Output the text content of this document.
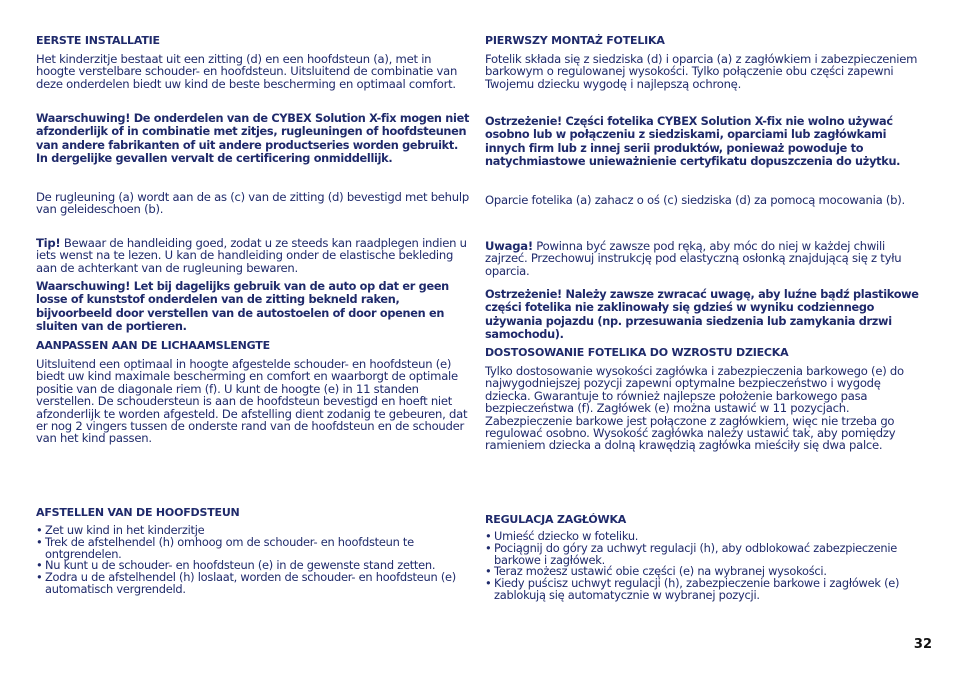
EERSTE INSTALLATIE

Het kinderzitje bestaat uit een zitting (d) en een hoofdsteun (a), met in hoogte verstelbare schouder- en hoofdsteun. Uitsluitend de combinatie van deze onderdelen biedt uw kind de beste bescherming en optimaal comfort.

Waarschuwing! De onderdelen van de CYBEX Solution X-fix mogen niet afzonderlijk of in combinatie met zitjes, rugleuningen of hoofdsteunen van andere fabrikanten of uit andere productseries worden gebruikt. In dergelijke gevallen vervalt de certificering onmiddellijk.

De rugleuning (a) wordt aan de as (c) van de zitting (d) bevestigd met behulp van geleideschoen (b).

Tip! Bewaar de handleiding goed, zodat u ze steeds kan raadplegen indien u iets wenst na te lezen. U kan de handleiding onder de elastische bekleding aan de achterkant van de rugleuning bewaren.

Waarschuwing! Let bij dagelijks gebruik van de auto op dat er geen losse of kunststof onderdelen van de zitting bekneld raken, bijvoorbeeld door verstellen van de autostoelen of door openen en sluiten van de portieren.

AANPASSEN AAN DE LICHAAMSLENGTE

Uitsluitend een optimaal in hoogte afgestelde schouder- en hoofdsteun (e) biedt uw kind maximale bescherming en comfort en waarborgt de optimale positie van de diagonale riem (f). U kunt de hoogte (e) in 11 standen verstellen. De schoudersteun is aan de hoofdsteun bevestigd en hoeft niet afzonderlijk te worden afgesteld. De afstelling dient zodanig te gebeuren, dat er nog 2 vingers tussen de onderste rand van de hoofdsteun en de schouder van het kind passen.

AFSTELLEN VAN DE HOOFDSTEUN
• Zet uw kind in het kinderzitje
• Trek de afstelhendel (h) omhoog om de schouder- en hoofdsteun te ontgrendelen.
• Nu kunt u de schouder- en hoofdsteun (e) in de gewenste stand zetten.
• Zodra u de afstelhendel (h) loslaat, worden de schouder- en hoofdsteun (e) automatisch vergrendeld.
PIERWSZY MONTAŻ FOTELIKA

Fotelik składa się z siedziska (d) i oparcia (a) z zagłówkiem i zabezpieczeniem barkowym o regulowanej wysokości. Tylko połączenie obu części zapewni Twojemu dziecku wygodę i najlepszą ochronę.

Ostrzeżenie! Części fotelika CYBEX Solution X-fix nie wolno używać osobno lub w połączeniu z siedziskami, oparciami lub zagłówkami innych firm lub z innej serii produktów, ponieważ powoduje to natychmiastowe unieważnienie certyfikatu dopuszczenia do użytku.

Oparcie fotelika (a) zahacz o oś (c) siedziska (d) za pomocą mocowania (b).

Uwaga! Powinna być zawsze pod ręką, aby móc do niej w każdej chwili zajrzeć. Przechowuj instrukcję pod elastyczną osłonką znajdującą się z tyłu oparcia.

Ostrzeżenie! Należy zawsze zwracać uwagę, aby luźne bądź plastikowe części fotelika nie zaklinowały się gdzieś w wyniku codziennego używania pojazdu (np. przesuwania siedzenia lub zamykania drzwi samochodu).

DOSTOSOWANIE FOTELIKA DO WZROSTU DZIECKA

Tylko dostosowanie wysokości zagłówka i zabezpieczenia barkowego (e) do najwygodniejszej pozycji zapewni optymalne bezpieczeństwo i wygodę dziecka. Gwarantuje to również najlepsze położenie barkowego pasa bezpieczeństwa (f). Zagłówek (e) można ustawić w 11 pozycjach. Zabezpieczenie barkowe jest połączone z zagłówkiem, więc nie trzeba go regulować osobno. Wysokość zagłówka należy ustawić tak, aby pomiędzy ramieniem dziecka a dolną krawędzią zagłówka mieściły się dwa palce.

REGULACJA ZAGŁÓWKA
• Umieść dziecko w foteliku.
• Pociągnij do góry za uchwyt regulacji (h), aby odblokować zabezpieczenie barkowe i zagłówek.
• Teraz możesz ustawić obie części (e) na wybranej wysokości.
• Kiedy puścisz uchwyt regulacji (h), zabezpieczenie barkowe i zagłówek (e) zablokują się automatycznie w wybranej pozycji.
32
